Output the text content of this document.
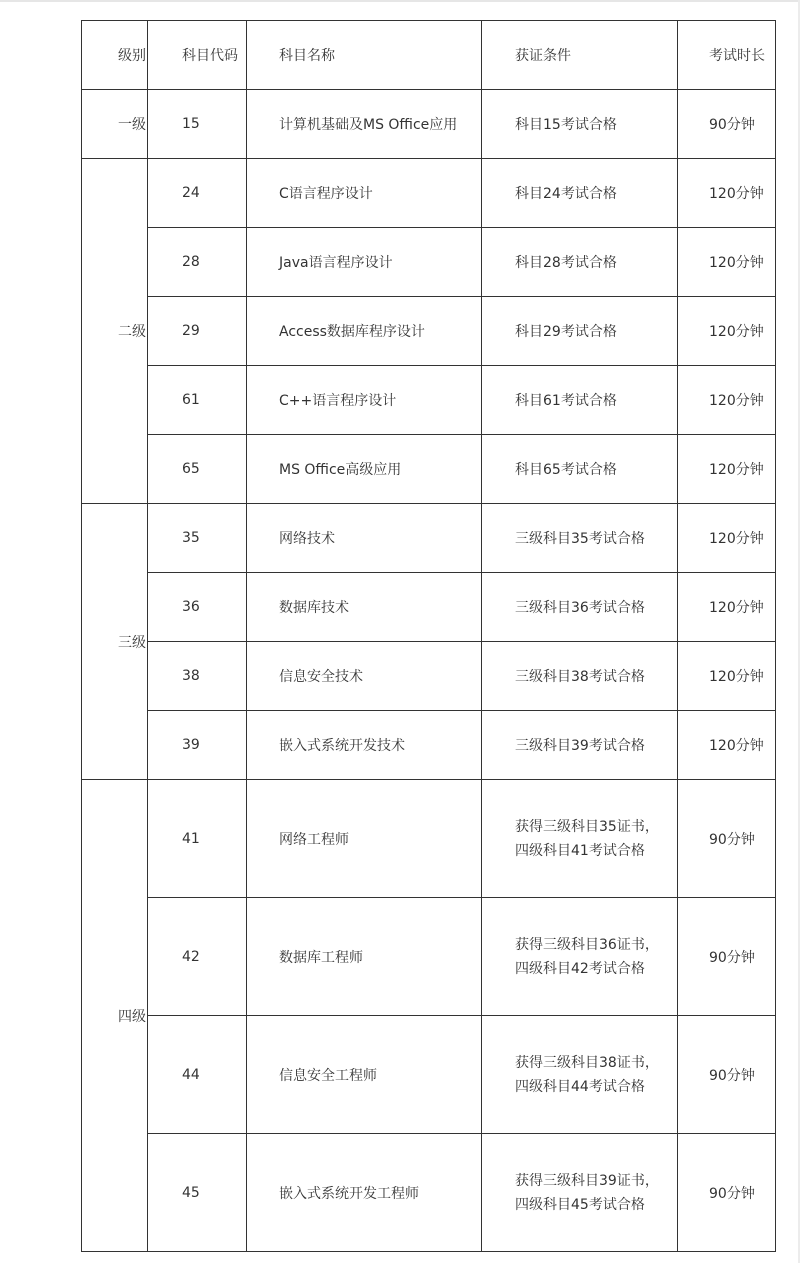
级别	科目代码	科目名称	获证条件	考试时长
一级	15	计算机基础及MS Office应用	科目15考试合格	90分钟
二级	24	C语言程序设计	科目24考试合格	120分钟
	28	Java语言程序设计	科目28考试合格	120分钟
	29	Access数据库程序设计	科目29考试合格	120分钟
	61	C++语言程序设计	科目61考试合格	120分钟
	65	MS Office高级应用	科目65考试合格	120分钟
三级	35	网络技术	三级科目35考试合格	120分钟
	36	数据库技术	三级科目36考试合格	120分钟
	38	信息安全技术	三级科目38考试合格	120分钟
	39	嵌入式系统开发技术	三级科目39考试合格	120分钟
四级	41	网络工程师	获得三级科目35证书，
四级科目41考试合格	90分钟
	42	数据库工程师	获得三级科目36证书，
四级科目42考试合格	90分钟
	44	信息安全工程师	获得三级科目38证书，
四级科目44考试合格	90分钟
	45	嵌入式系统开发工程师	获得三级科目39证书，
四级科目45考试合格	90分钟
